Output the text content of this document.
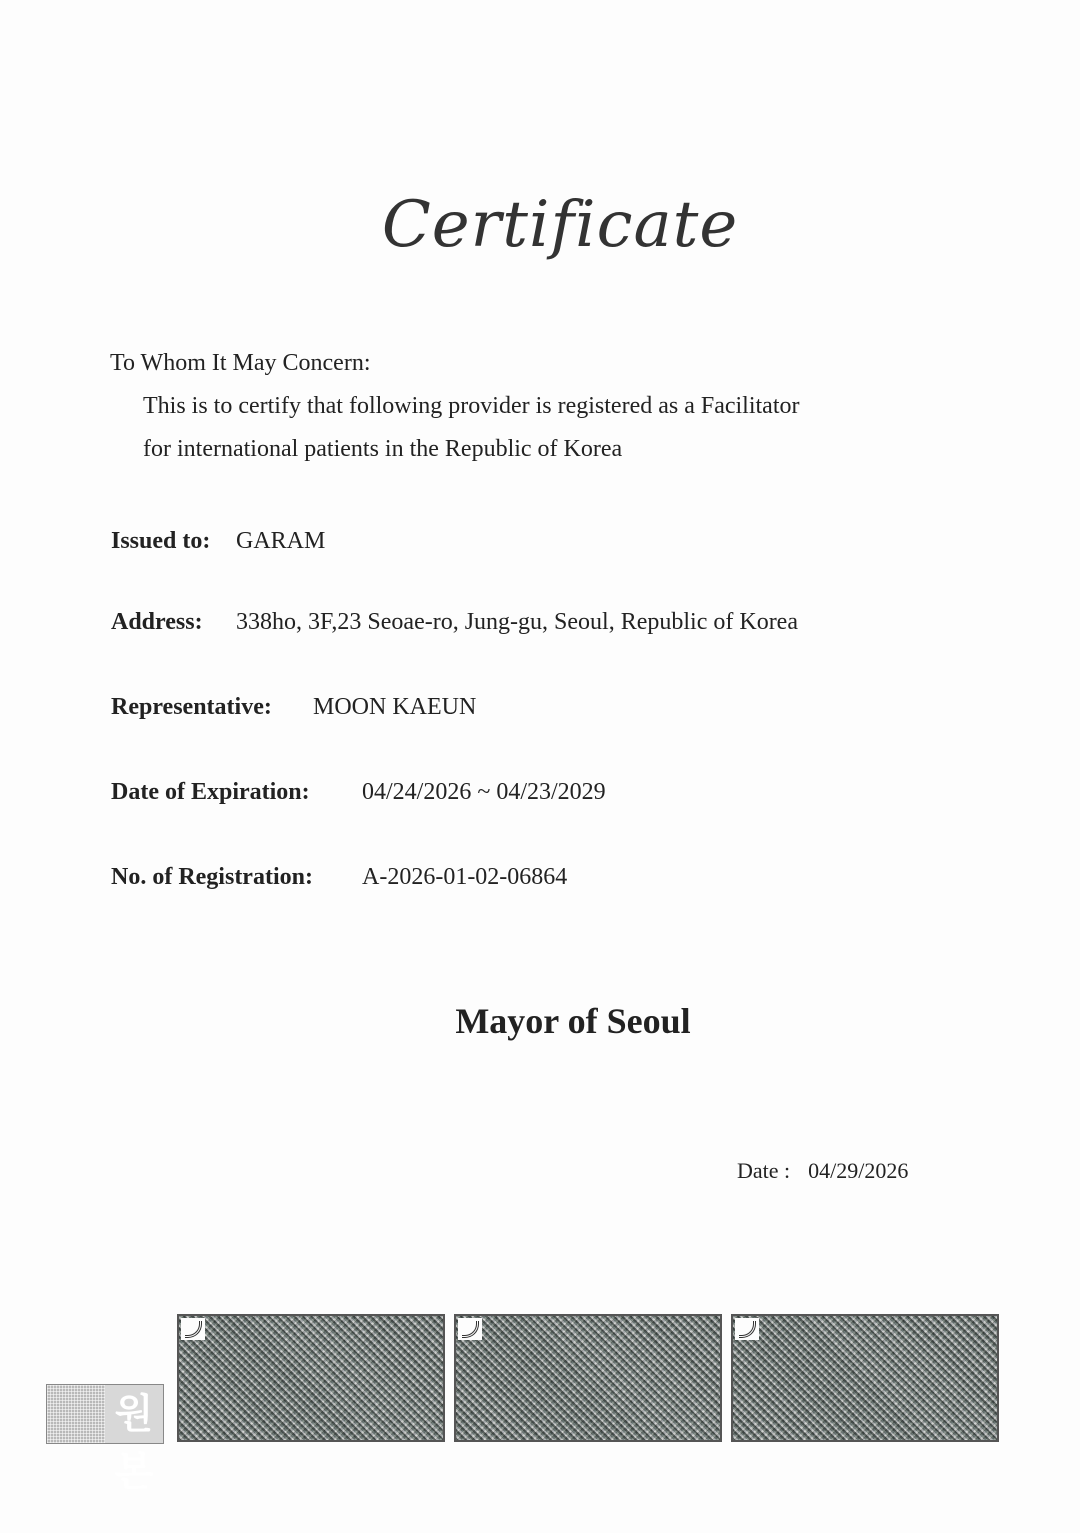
Certificate
To Whom It May Concern:
This is to certify that following provider is registered as a Facilitator
for international patients in the Republic of Korea
Issued to: GARAM
Address: 338ho, 3F,23 Seoae-ro, Jung-gu, Seoul, Republic of Korea
Representative: MOON KAEUN
Date of Expiration: 04/24/2026 ~ 04/23/2029
No. of Registration: A-2026-01-02-06864
Mayor of Seoul
Date : 04/29/2026
원본
